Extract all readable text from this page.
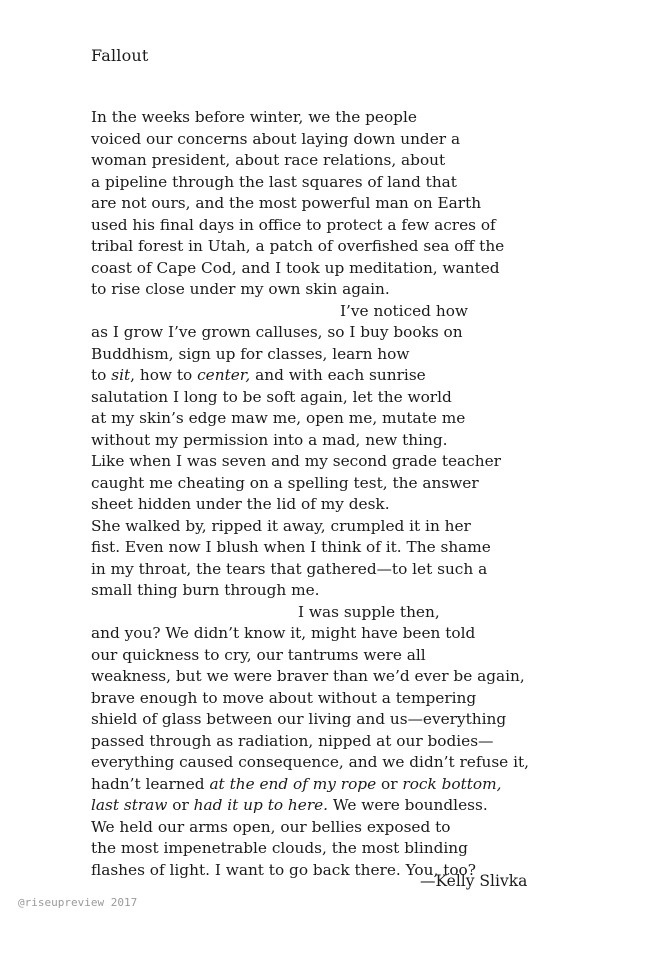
Fallout
In the weeks before winter, we the people
voiced our concerns about laying down under a
woman president, about race relations, about
a pipeline through the last squares of land that
are not ours, and the most powerful man on Earth
used his final days in office to protect a few acres of
tribal forest in Utah, a patch of overfished sea off the
coast of Cape Cod, and I took up meditation, wanted
to rise close under my own skin again.
I’ve noticed how
as I grow I’ve grown calluses, so I buy books on
Buddhism, sign up for classes, learn how
to sit, how to center, and with each sunrise
salutation I long to be soft again, let the world
at my skin’s edge maw me, open me, mutate me
without my permission into a mad, new thing.
Like when I was seven and my second grade teacher
caught me cheating on a spelling test, the answer
sheet hidden under the lid of my desk.
She walked by, ripped it away, crumpled it in her
fist. Even now I blush when I think of it. The shame
in my throat, the tears that gathered—to let such a
small thing burn through me.
I was supple then,
and you? We didn’t know it, might have been told
our quickness to cry, our tantrums were all
weakness, but we were braver than we’d ever be again,
brave enough to move about without a tempering
shield of glass between our living and us—everything
passed through as radiation, nipped at our bodies—
everything caused consequence, and we didn’t refuse it,
hadn’t learned at the end of my rope or rock bottom,
last straw or had it up to here. We were boundless.
We held our arms open, our bellies exposed to
the most impenetrable clouds, the most blinding
flashes of light. I want to go back there. You, too?
—Kelly Slivka
@riseupreview 2017
